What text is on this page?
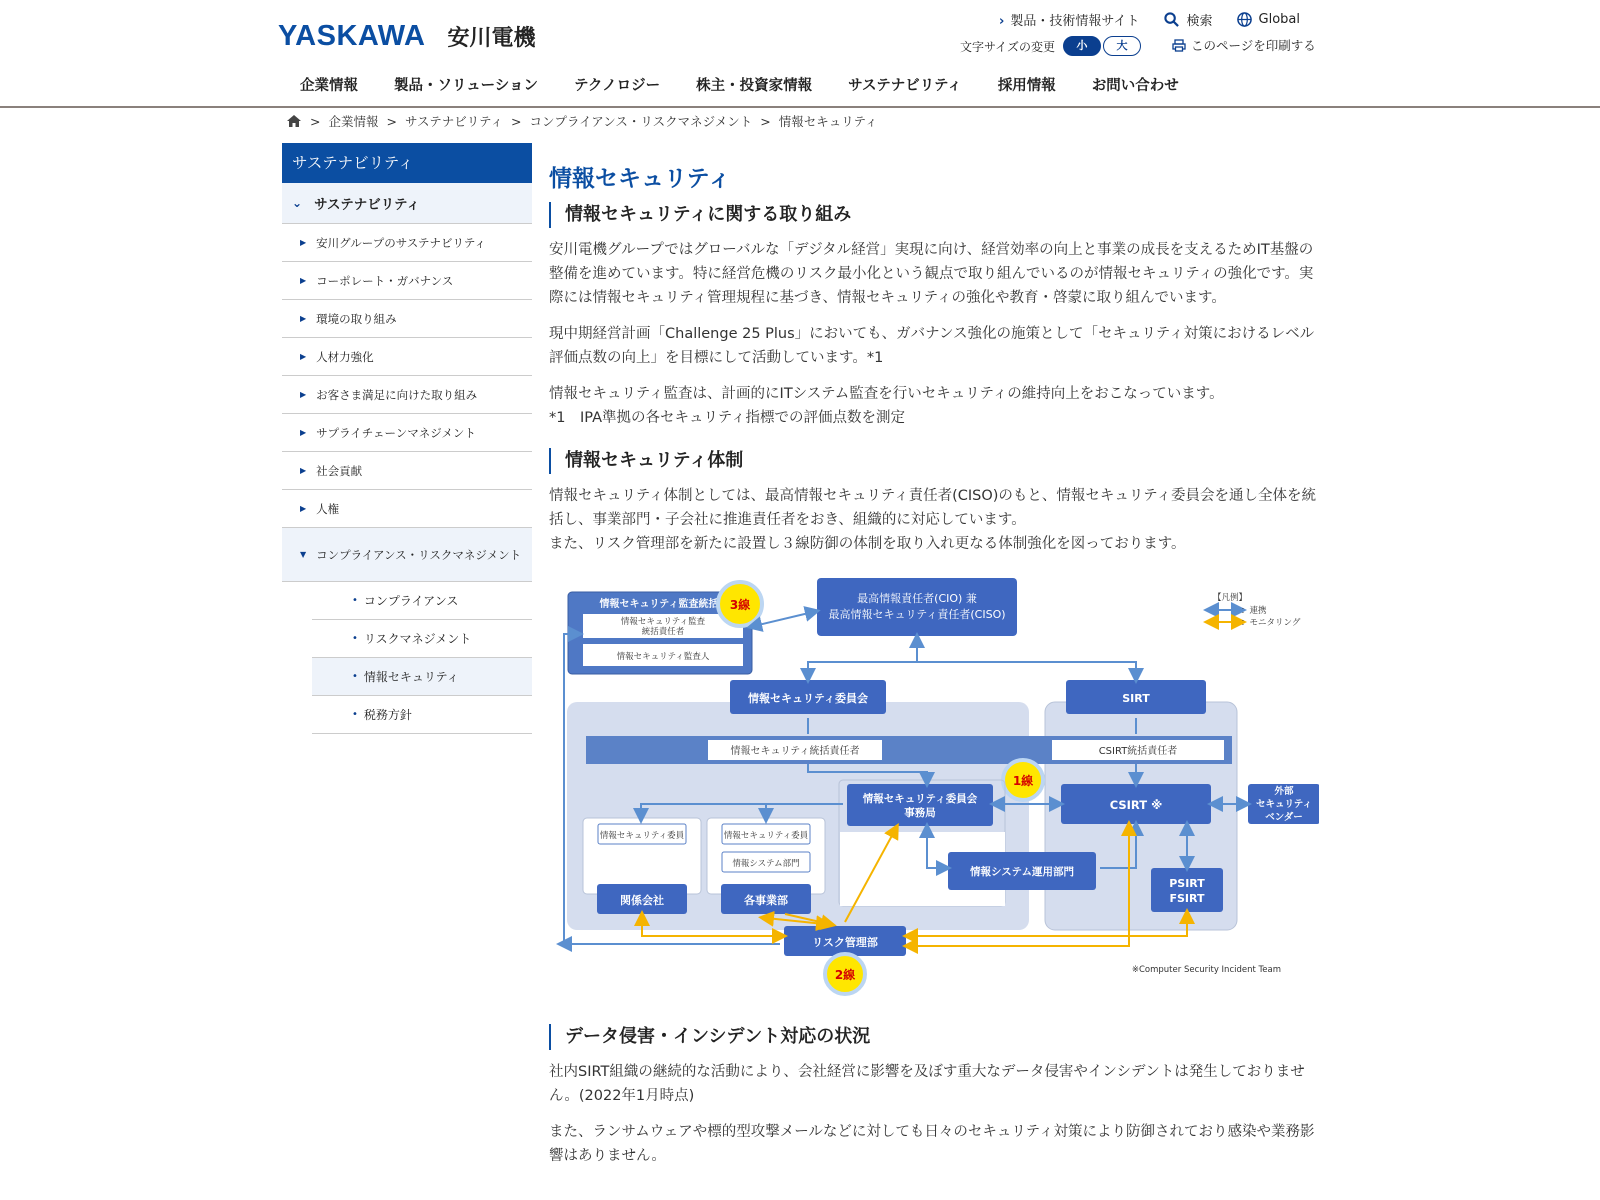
YASKAWA 安川電機
› 製品・技術情報サイト	検索	Global
文字サイズの変更	小	大	このページを印刷する
企業情報 製品・ソリューション テクノロジー 株主・投資家情報 サステナビリティ 採用情報 お問い合わせ
> 企業情報 > サステナビリティ > コンプライアンス・リスクマネジメント > 情報セキュリティ
サステナビリティ
⌄ サステナビリティ
▶ 安川グループのサステナビリティ
▶ コーポレート・ガバナンス
▶ 環境の取り組み
▶ 人材力強化
▶ お客さま満足に向けた取り組み
▶ サプライチェーンマネジメント
▶ 社会貢献
▶ 人権
▼ コンプライアンス・リスクマネジメント
• コンプライアンス
• リスクマネジメント
• 情報セキュリティ
• 税務方針
情報セキュリティ
情報セキュリティに関する取り組み

安川電機グループではグローバルな「デジタル経営」実現に向け、経営効率の向上と事業の成長を支えるためIT基盤の整備を進めています。特に経営危機のリスク最小化という観点で取り組んでいるのが情報セキュリティの強化です。実際には情報セキュリティ管理規程に基づき、情報セキュリティの強化や教育・啓蒙に取り組んでいます。

現中期経営計画「Challenge 25 Plus」においても、ガバナンス強化の施策として「セキュリティ対策におけるレベル評価点数の向上」を目標にして活動しています。*1

情報セキュリティ監査は、計画的にITシステム監査を行いセキュリティの維持向上をおこなっています。

*1　IPA準拠の各セキュリティ指標での評価点数を測定

情報セキュリティ体制

情報セキュリティ体制としては、最高情報セキュリティ責任者(CISO)のもと、情報セキュリティ委員会を通し全体を統括し、事業部門・子会社に推進責任者をおき、組織的に対応しています。

また、リスク管理部を新たに設置し３線防御の体制を取り入れ更なる体制強化を図っております。

情報セキュリティ監査統括
情報セキュリティ監査
統括責任者
情報セキュリティ監査人
3線	最高情報責任者(CIO) 兼
最高情報セキュリティ責任者(CISO)
【凡例】
：連携
：モニタリング
情報セキュリティ委員会	SIRT
情報セキュリティ統括責任者	CSIRT統括責任者
情報セキュリティ委員会
事務局
1線
CSIRT ※
外部
セキュリティ
ベンダー
情報セキュリティ委員	情報セキュリティ委員
情報システム部門
情報システム運用部門
関係会社	各事業部
PSIRT
FSIRT
リスク管理部
2線	※Computer Security Incident Team
データ侵害・インシデント対応の状況

社内SIRT組織の継続的な活動により、会社経営に影響を及ぼす重大なデータ侵害やインシデントは発生しておりません。(2022年1月時点)

また、ランサムウェアや標的型攻撃メールなどに対しても日々のセキュリティ対策により防御されており感染や業務影響はありません。
